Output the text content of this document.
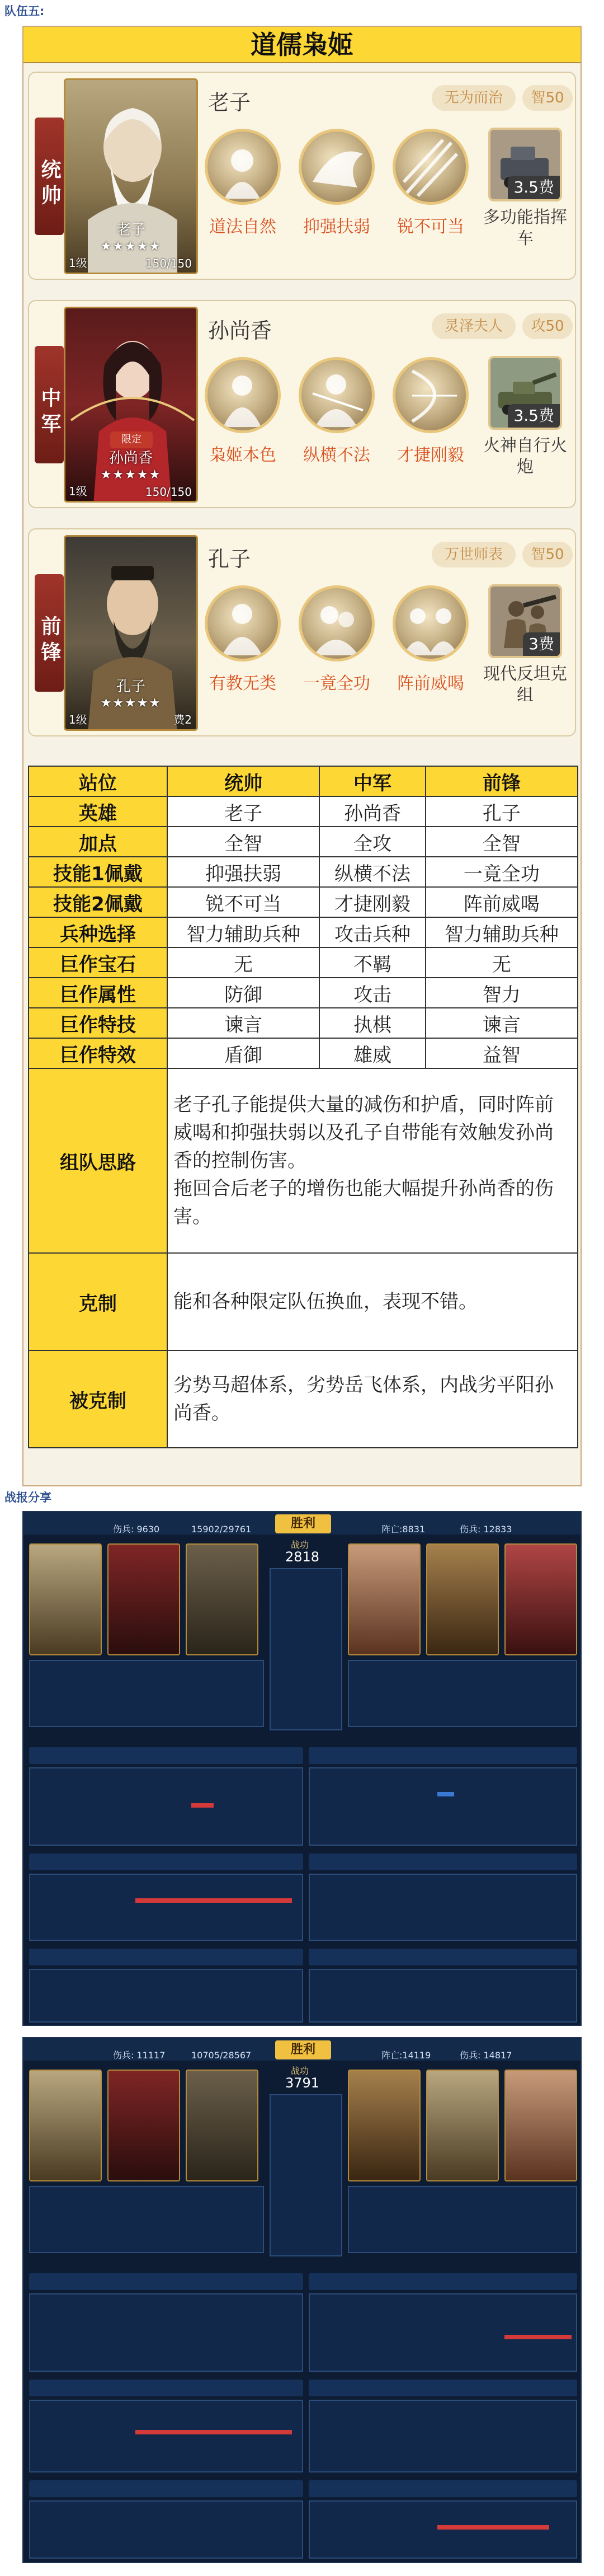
队伍五:
道儒枭姬
统帅
老子
★★★★★
1级	150/150
老子	无为而治	智50
道法自然	抑强扶弱	锐不可当
3.5费
多功能指挥车
中军
限定
孙尚香
★★★★★
1级	150/150
孙尚香	灵泽夫人	攻50
枭姬本色	纵横不法	才捷刚毅
3.5费
火神自行火炮
前锋
孔子
★★★★★
1级	费2
孔子	万世师表	智50
有教无类	一竟全功	阵前威喝
3费
现代反坦克组
站位	统帅	中军	前锋
英雄	老子	孙尚香	孔子
加点	全智	全攻	全智
技能1佩戴	抑强扶弱	纵横不法	一竟全功
技能2佩戴	锐不可当	才捷刚毅	阵前威喝
兵种选择	智力辅助兵种	攻击兵种	智力辅助兵种
巨作宝石	无	不羁	无
巨作属性	防御	攻击	智力
巨作特技	谏言	执棋	谏言
巨作特效	盾御	雄威	益智
组队思路	老子孔子能提供大量的减伤和护盾，同时阵前威喝和抑强扶弱以及孔子自带能有效触发孙尚香的控制伤害。
拖回合后老子的增伤也能大幅提升孙尚香的伤害。		
克制	能和各种限定队伍换血，表现不错。		
被克制	劣势马超体系，劣势岳飞体系，内战劣平阳孙尚香。		
战报分享
伤兵: 9630	15902/29761	阵亡:8831	伤兵: 12833
胜利
战功
2818
伤兵: 11117	10705/28567	阵亡:14119	伤兵: 14817
胜利
战功
3791
